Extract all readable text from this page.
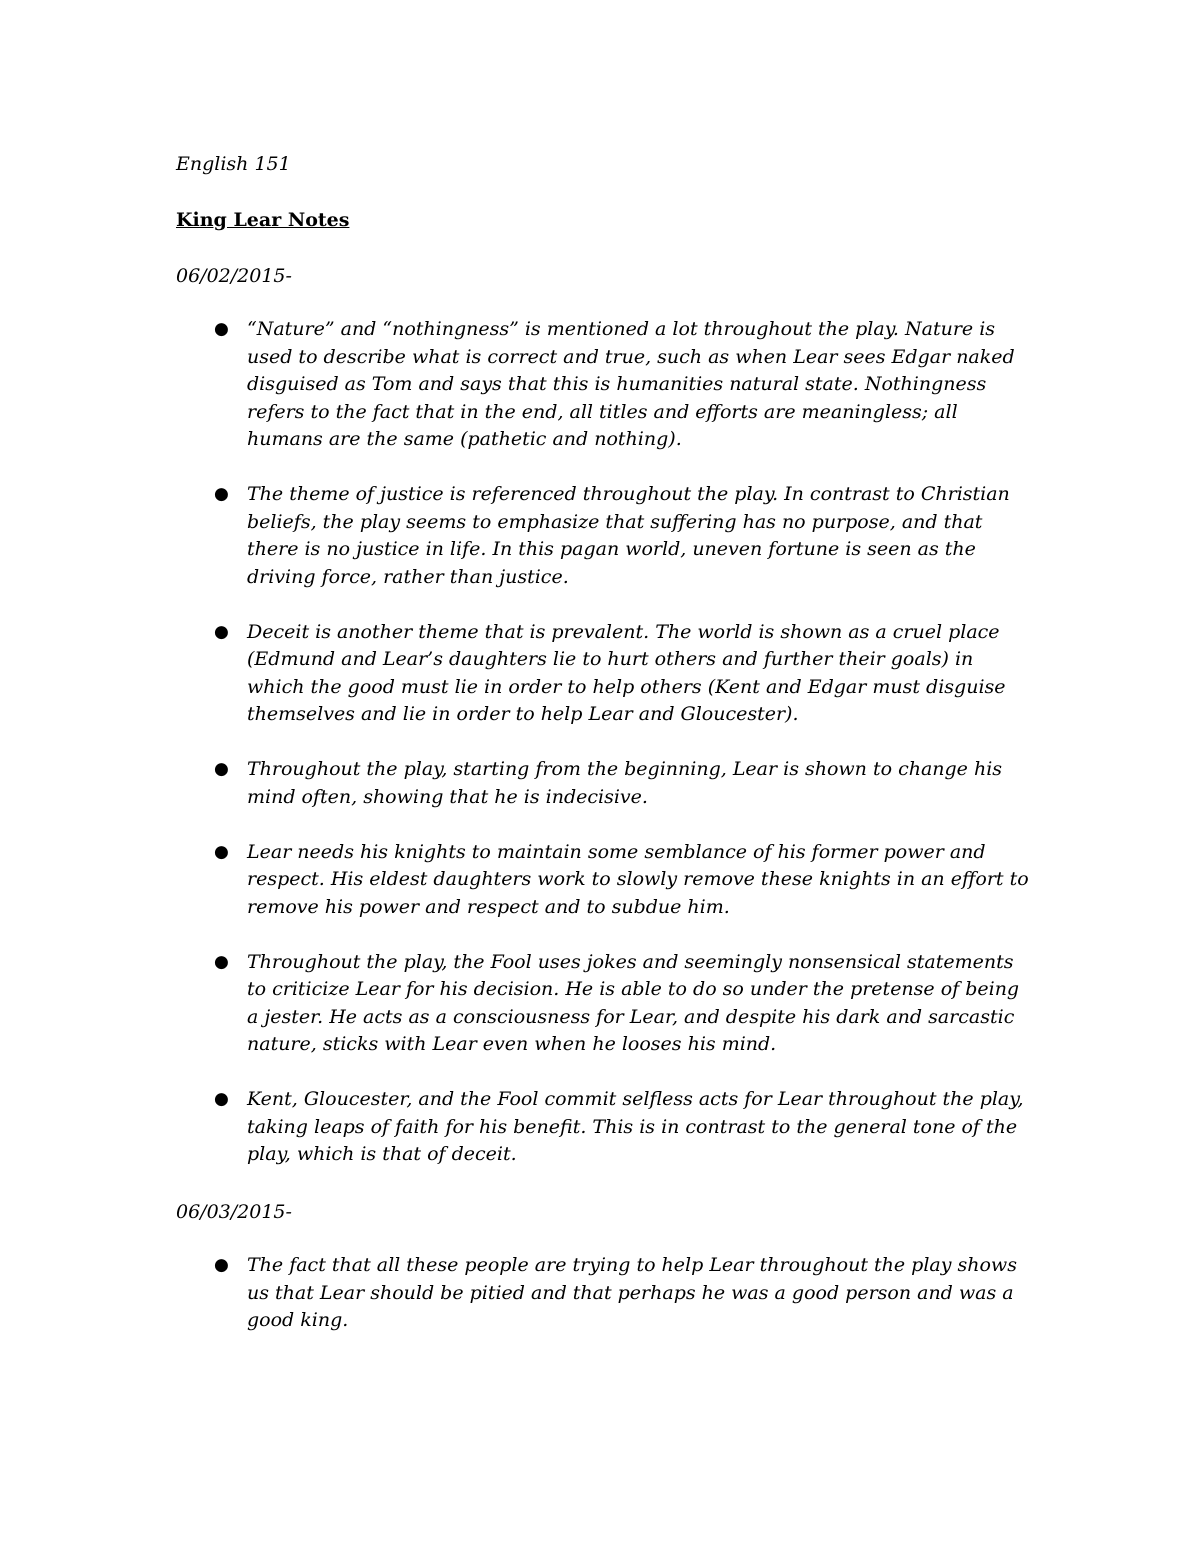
English 151
King Lear Notes
06/02/2015-
● “Nature” and “nothingness” is mentioned a lot throughout the play. Nature is used to describe what is correct and true, such as when Lear sees Edgar naked disguised as Tom and says that this is humanities natural state. Nothingness refers to the fact that in the end, all titles and efforts are meaningless; all humans are the same (pathetic and nothing).
● The theme of justice is referenced throughout the play. In contrast to Christian beliefs, the play seems to emphasize that suffering has no purpose, and that there is no justice in life. In this pagan world, uneven fortune is seen as the driving force, rather than justice.
● Deceit is another theme that is prevalent. The world is shown as a cruel place (Edmund and Lear’s daughters lie to hurt others and further their goals) in which the good must lie in order to help others (Kent and Edgar must disguise themselves and lie in order to help Lear and Gloucester).
● Throughout the play, starting from the beginning, Lear is shown to change his mind often, showing that he is indecisive.
● Lear needs his knights to maintain some semblance of his former power and respect. His eldest daughters work to slowly remove these knights in an effort to remove his power and respect and to subdue him.
● Throughout the play, the Fool uses jokes and seemingly nonsensical statements to criticize Lear for his decision. He is able to do so under the pretense of being a jester. He acts as a consciousness for Lear, and despite his dark and sarcastic nature, sticks with Lear even when he looses his mind.
● Kent, Gloucester, and the Fool commit selfless acts for Lear throughout the play, taking leaps of faith for his benefit. This is in contrast to the general tone of the play, which is that of deceit.
06/03/2015-
● The fact that all these people are trying to help Lear throughout the play shows us that Lear should be pitied and that perhaps he was a good person and was a good king.
